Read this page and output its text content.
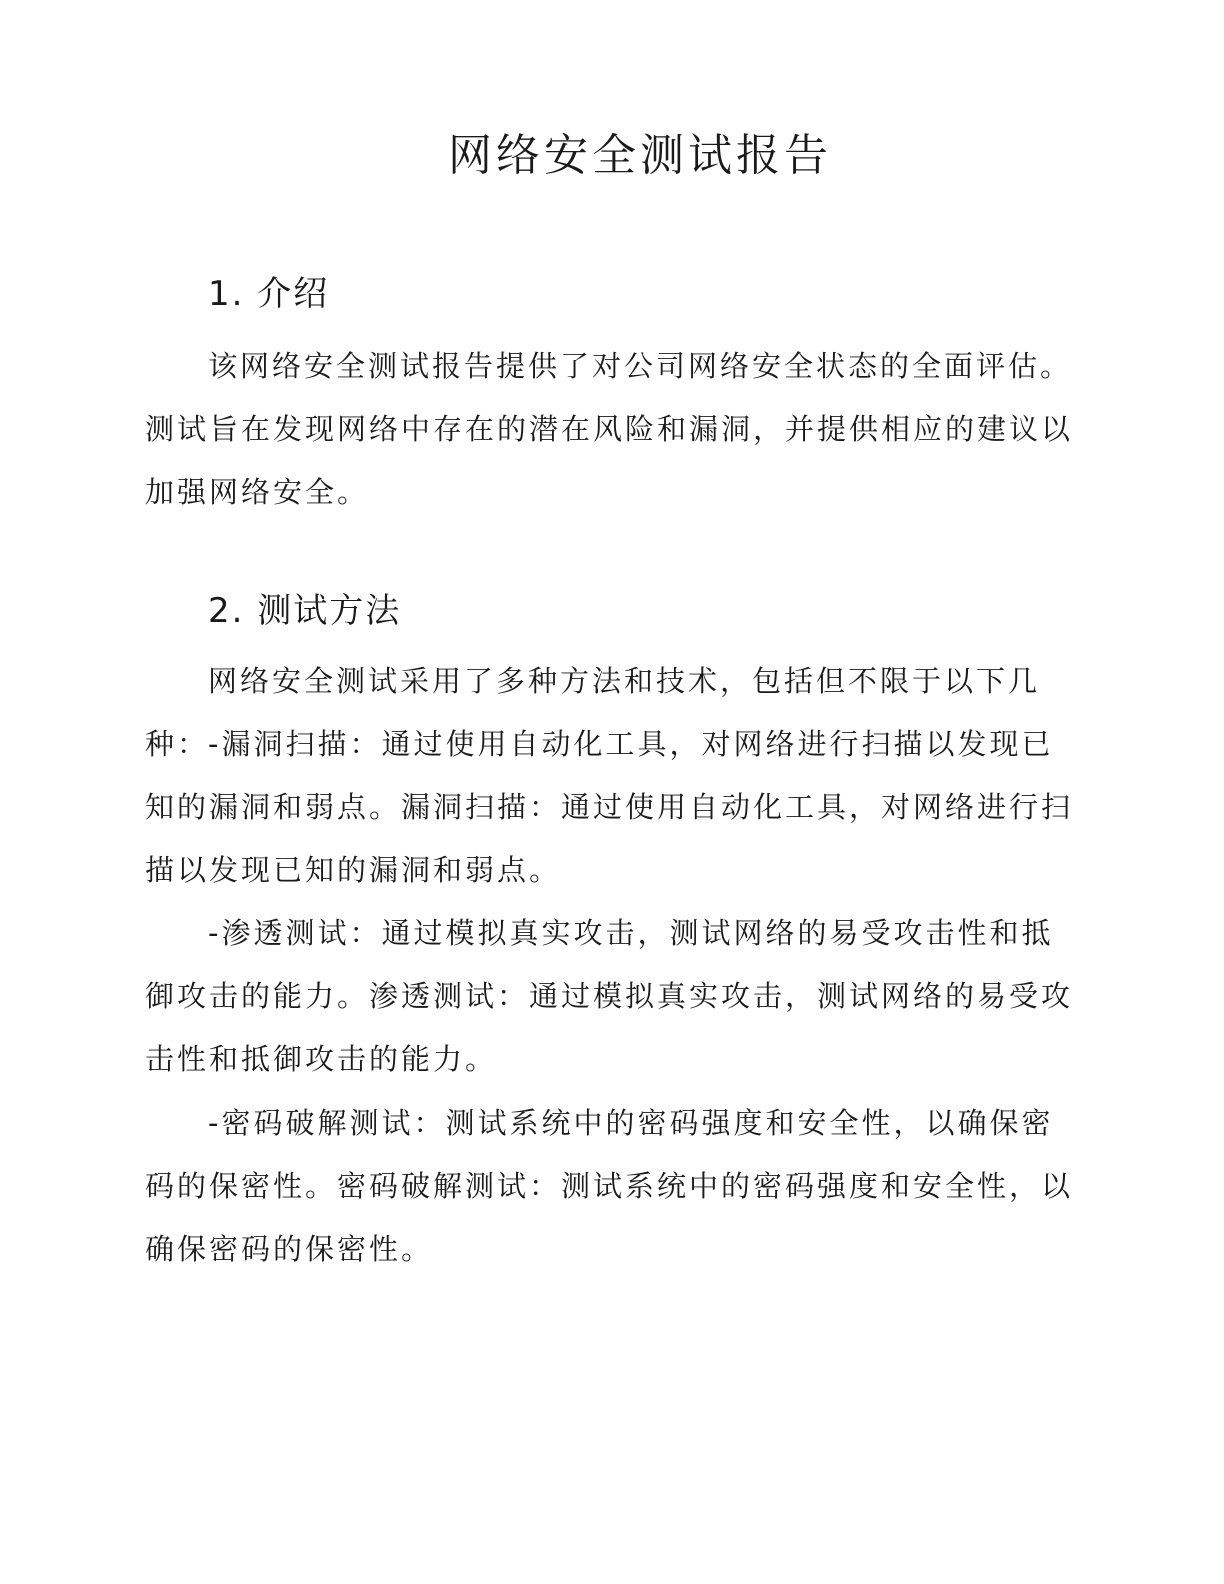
网络安全测试报告
1. 介绍

该网络安全测试报告提供了对公司网络安全状态的全面评估。测试旨在发现网络中存在的潜在风险和漏洞，并提供相应的建议以加强网络安全。

2. 测试方法

网络安全测试采用了多种方法和技术，包括但不限于以下几种：

-漏洞扫描：通过使用自动化工具，对网络进行扫描以发现已知的漏洞和弱点。漏洞扫描：通过使用自动化工具，对网络进行扫描以发现已知的漏洞和弱点。

-渗透测试：通过模拟真实攻击，测试网络的易受攻击性和抵御攻击的能力。渗透测试：通过模拟真实攻击，测试网络的易受攻击性和抵御攻击的能力。

-密码破解测试：测试系统中的密码强度和安全性，以确保密码的保密性。密码破解测试：测试系统中的密码强度和安全性，以确保密码的保密性。
